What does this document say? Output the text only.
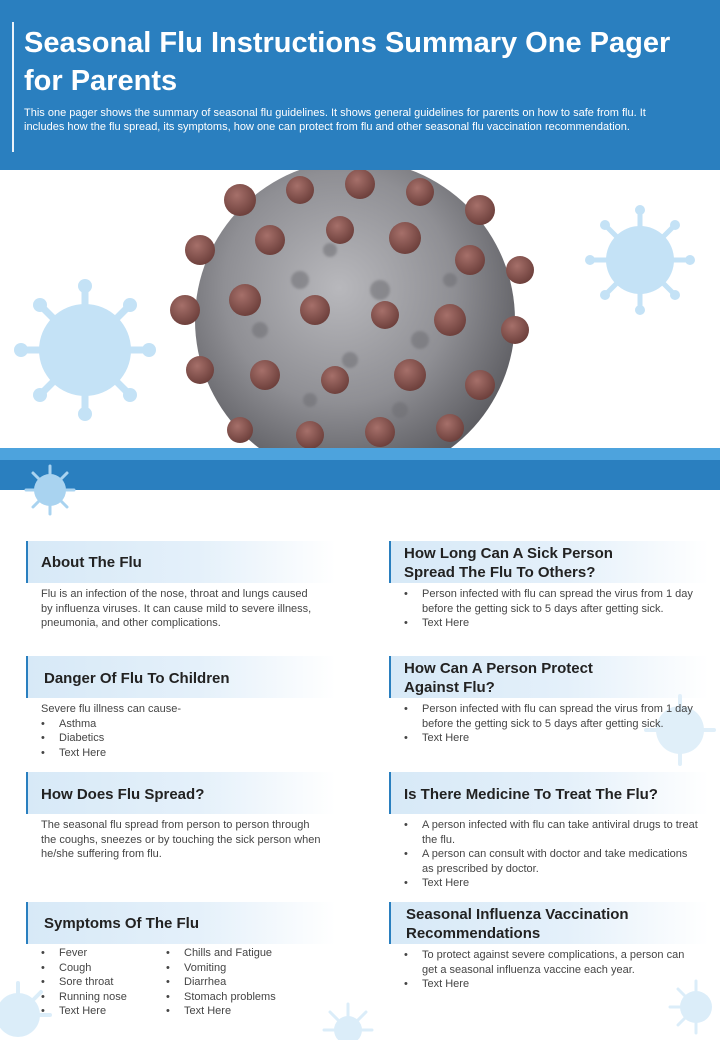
Seasonal Flu Instructions Summary One Pager for Parents

This one pager shows the summary of seasonal flu guidelines. It shows general guidelines for parents on how to safe from flu. It includes how the flu spread, its symptoms, how one can protect from flu and other seasonal flu vaccination recommendation.

About The Flu

Flu is an infection of the nose, throat and lungs caused by influenza viruses. It can cause mild to severe illness, pneumonia, and other complications.

Danger Of Flu To Children

Severe flu illness can cause-

• Asthma
• Diabetics
• Text Here
How Does Flu Spread?

The seasonal flu spread from person to person through the coughs, sneezes or by touching the sick person when he/she suffering from flu.

Symptoms Of The Flu
• Fever
• Cough
• Sore throat
• Running nose
• Text Here
• Chills and Fatigue
• Vomiting
• Diarrhea
• Stomach problems
• Text Here
How Long Can A Sick Person
Spread The Flu To Others?
• Person infected with flu can spread the virus from 1 day before the getting sick to 5 days after getting sick.
• Text Here
How Can A Person Protect
Against Flu?
• Person infected with flu can spread the virus from 1 day before the getting sick to 5 days after getting sick.
• Text Here
Is There Medicine To Treat The Flu?
• A person infected with flu can take antiviral drugs to treat the flu.
• A person can consult with doctor and take medications as prescribed by doctor.
• Text Here
Seasonal Influenza Vaccination
Recommendations
• To protect against severe complications, a person can get a seasonal influenza vaccine each year.
• Text Here
